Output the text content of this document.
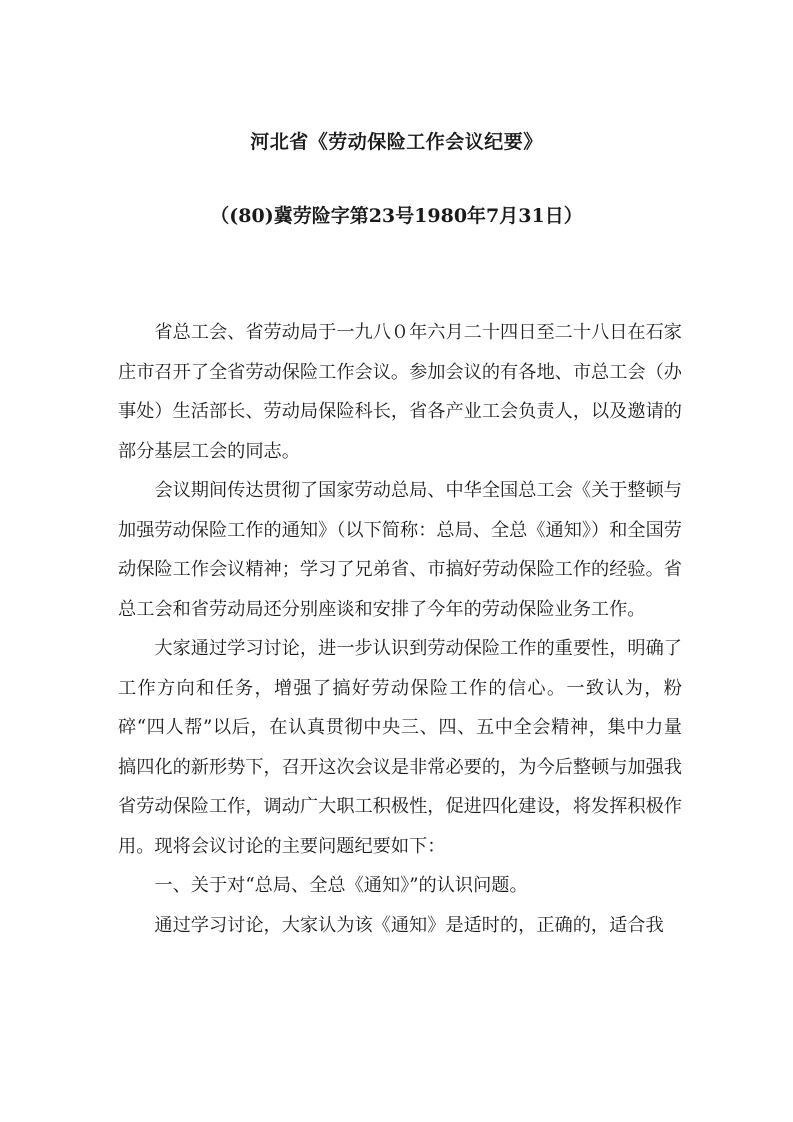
河北省《劳动保险工作会议纪要》
（(80)冀劳险字第23号1980年7月31日）

省总工会、省劳动局于一九八０年六月二十四日至二十八日在石家庄市召开了全省劳动保险工作会议。参加会议的有各地、市总工会（办事处）生活部长、劳动局保险科长，省各产业工会负责人，以及邀请的部分基层工会的同志。

会议期间传达贯彻了国家劳动总局、中华全国总工会《关于整顿与加强劳动保险工作的通知》（以下简称：总局、全总《通知》）和全国劳动保险工作会议精神；学习了兄弟省、市搞好劳动保险工作的经验。省总工会和省劳动局还分别座谈和安排了今年的劳动保险业务工作。

大家通过学习讨论，进一步认识到劳动保险工作的重要性，明确了工作方向和任务，增强了搞好劳动保险工作的信心。一致认为，粉碎“四人帮”以后，在认真贯彻中央三、四、五中全会精神，集中力量搞四化的新形势下，召开这次会议是非常必要的，为今后整顿与加强我省劳动保险工作，调动广大职工积极性，促进四化建设，将发挥积极作用。现将会议讨论的主要问题纪要如下：

一、关于对“总局、全总《通知》”的认识问题。

通过学习讨论，大家认为该《通知》是适时的，正确的，适合我
